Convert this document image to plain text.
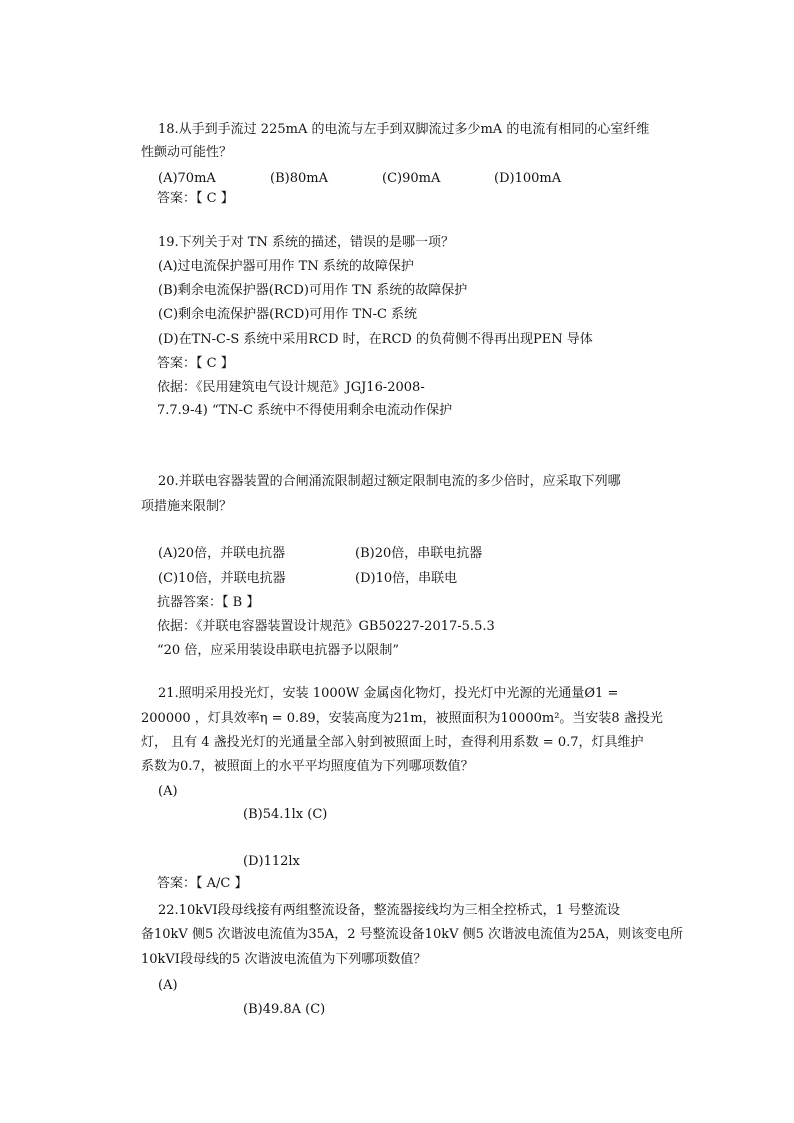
18.从手到手流过 225mA 的电流与左手到双脚流过多少mA 的电流有相同的心室纤维
性颤动可能性？
(A)70mA	(B)80mA	(C)90mA	(D)100mA
答案：【 C 】
19.下列关于对 TN 系统的描述，错误的是哪一项？
(A)过电流保护器可用作 TN 系统的故障保护
(B)剩余电流保护器(RCD)可用作 TN 系统的故障保护
(C)剩余电流保护器(RCD)可用作 TN-C 系统
(D)在TN-C-S 系统中采用RCD 时，在RCD 的负荷侧不得再出现PEN 导体
答案：【 C 】
依据：《民用建筑电气设计规范》JGJ16-2008-
7.7.9-4) “TN-C 系统中不得使用剩余电流动作保护
20.并联电容器装置的合闸涌流限制超过额定限制电流的多少倍时，应采取下列哪
项措施来限制？
(A)20倍，并联电抗器	(B)20倍，串联电抗器
(C)10倍，并联电抗器	(D)10倍，串联电
抗器答案：【 B 】
依据：《并联电容器装置设计规范》GB50227-2017-5.5.3
“20 倍，应采用装设串联电抗器予以限制”
21.照明采用投光灯，安装 1000W 金属卤化物灯，投光灯中光源的光通量Ø1 =
200000 ，灯具效率η = 0.89，安装高度为21m，被照面积为10000m²。当安装8 盏投光
灯， 且有 4 盏投光灯的光通量全部入射到被照面上时，查得利用系数 = 0.7，灯具维护
系数为0.7，被照面上的水平平均照度值为下列哪项数值？
(A)
(B)54.1lx (C)
(D)112lx
答案：【 A/C 】
22.10kVⅠ段母线接有两组整流设备，整流器接线均为三相全控桥式，1 号整流设
备10kV 侧5 次谐波电流值为35A，2 号整流设备10kV 侧5 次谐波电流值为25A，则该变电所
10kVⅠ段母线的5 次谐波电流值为下列哪项数值？
(A)
(B)49.8A (C)
